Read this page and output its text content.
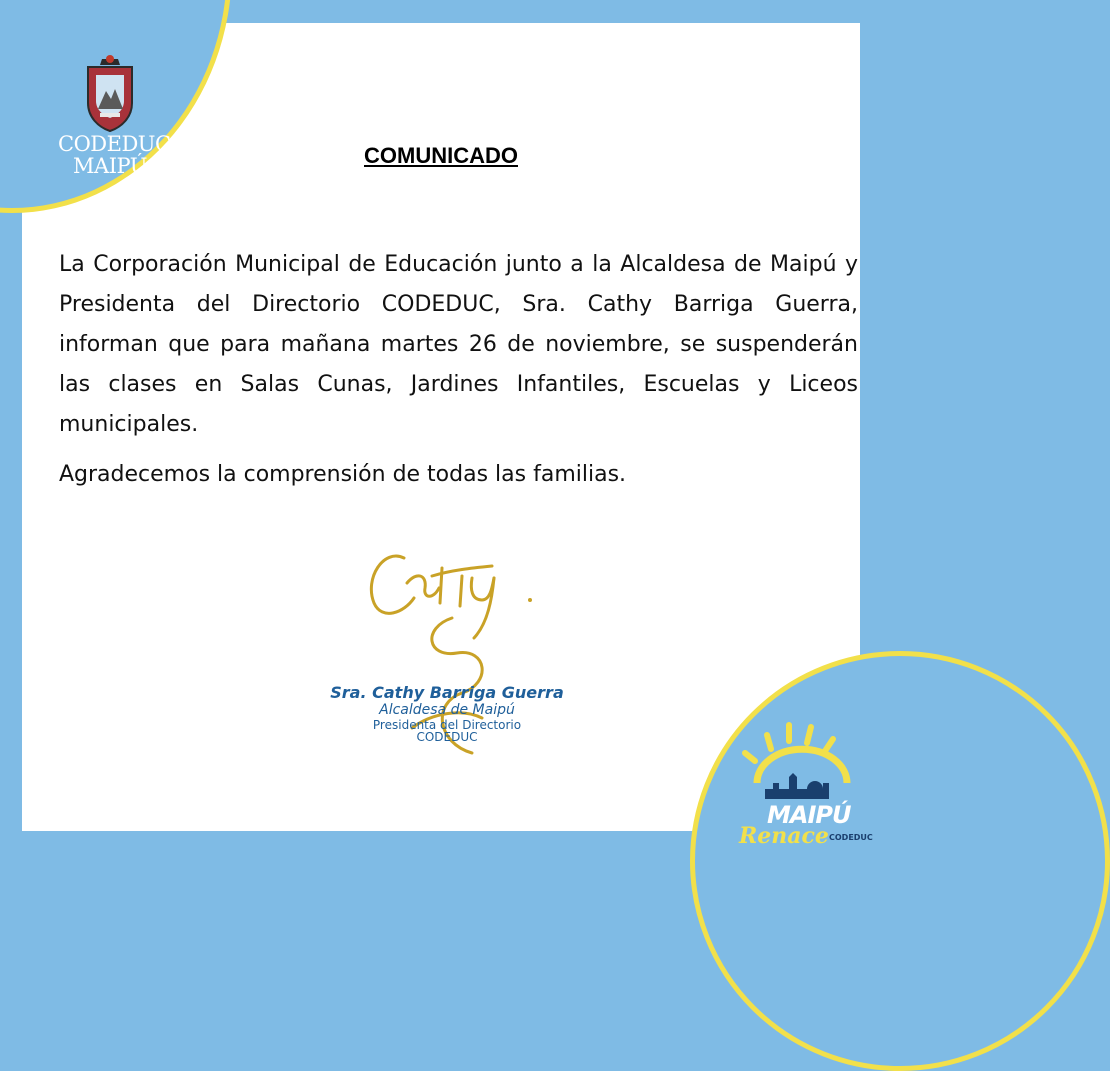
CODEDUC
MAIPÚ	COMUNICADO

La Corporación Municipal de Educación junto a la Alcaldesa de Maipú y Presidenta del Directorio CODEDUC, Sra. Cathy Barriga Guerra, informan que para mañana martes 26 de noviembre, se suspenderán las clases en Salas Cunas, Jardines Infantiles, Escuelas y Liceos municipales.

Agradecemos la comprensión de todas las familias.
Sra. Cathy Barriga Guerra
Alcaldesa de Maipú
Presidenta del Directorio
CODEDUC
MAIPÚ
Renace CODEDUC
